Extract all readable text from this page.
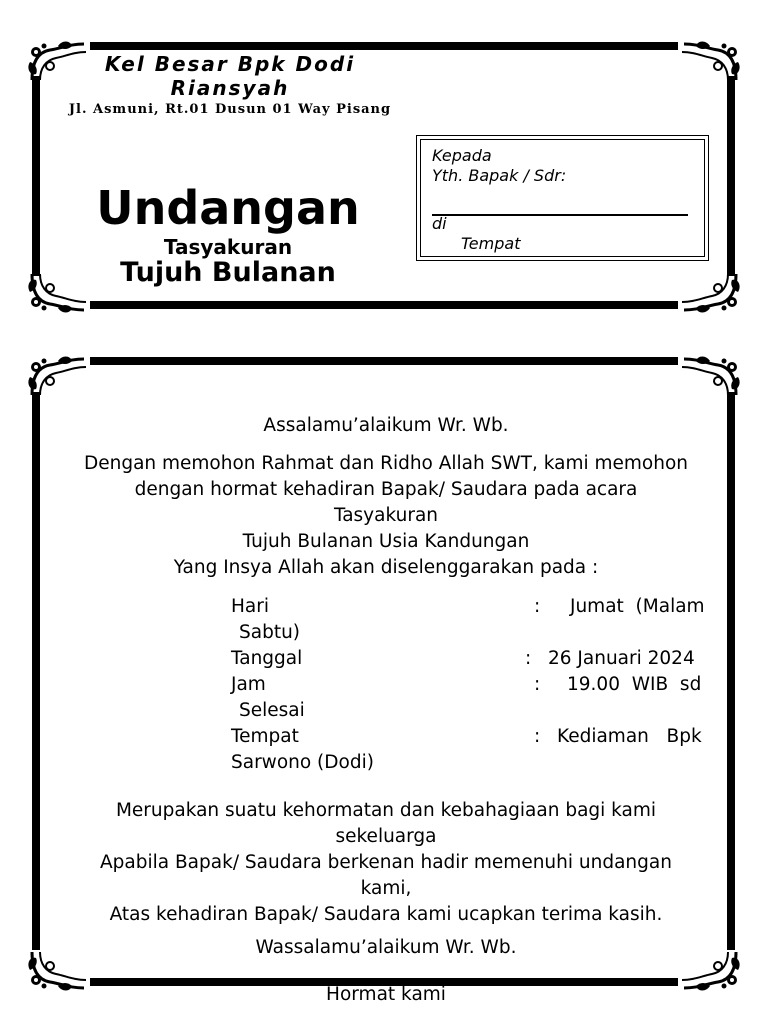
Kel Besar Bpk Dodi Riansyah
Jl. Asmuni, Rt.01 Dusun 01 Way Pisang
Undangan
Tasyakuran
Tujuh Bulanan
Kepada
Yth. Bapak / Sdr:
di
Tempat
Assalamu’alaikum Wr. Wb.
Dengan memohon Rahmat dan Ridho Allah SWT, kami memohon
dengan hormat kehadiran Bapak/ Saudara pada acara
Tasyakuran
Tujuh Bulanan Usia Kandungan
Yang Insya Allah akan diselenggarakan pada :
Hari	: Jumat  (Malam
Sabtu)
Tanggal	: 26 Januari 2024
Jam	: 19.00  WIB  sd
Selesai
Tempat	: Kediaman   Bpk
Sarwono (Dodi)
Merupakan suatu kehormatan dan kebahagiaan bagi kami
sekeluarga
Apabila Bapak/ Saudara berkenan hadir memenuhi undangan
kami,
Atas kehadiran Bapak/ Saudara kami ucapkan terima kasih.
Wassalamu’alaikum Wr. Wb.
Hormat kami
